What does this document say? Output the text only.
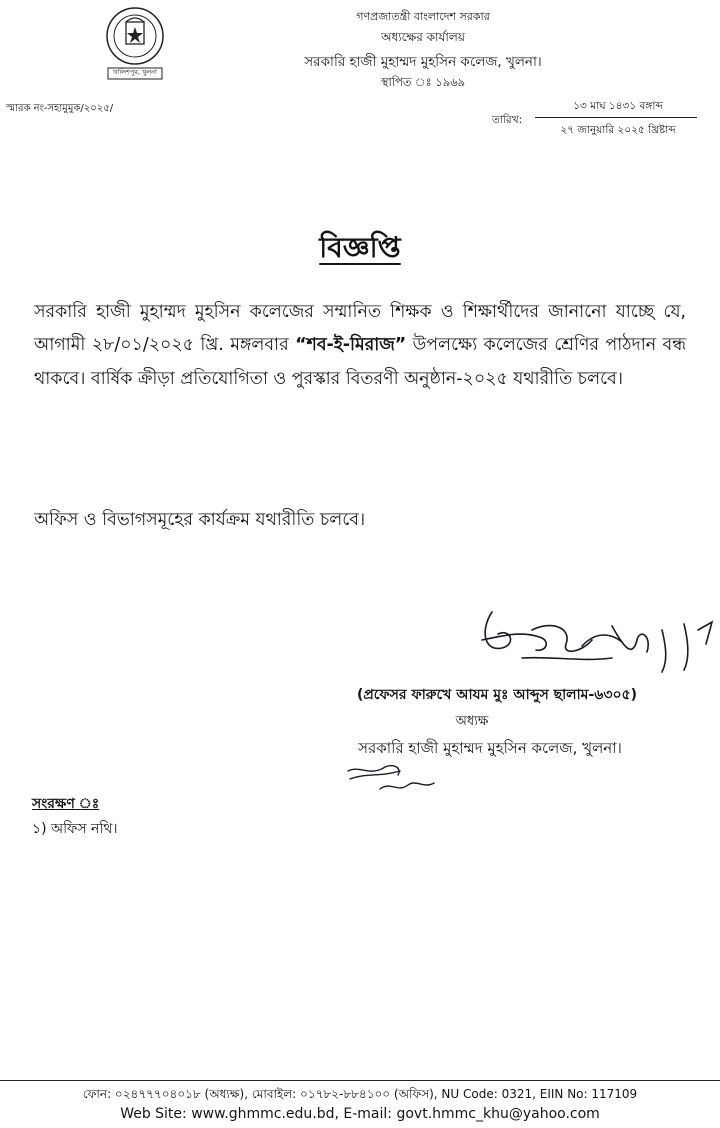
খালিশপুর, খুলনা
গণপ্রজাতন্ত্রী বাংলাদেশ সরকার
অধ্যক্ষের কার্যালয়
সরকারি হাজী মুহাম্মদ মুহসিন কলেজ, খুলনা।
স্থাপিত ঃ ১৯৬৯
স্মারক নং-সহামুমুক/২০২৫/
তারিখ:
১৩ মাঘ ১৪৩১ বঙ্গাব্দ
২৭ জানুয়ারি ২০২৫ খ্রিষ্টাব্দ
বিজ্ঞপ্তি
সরকারি হাজী মুহাম্মদ মুহসিন কলেজের সম্মানিত শিক্ষক ও শিক্ষার্থীদের জানানো যাচ্ছে যে, আগামী ২৮/০১/২০২৫ খ্রি. মঙ্গলবার “শব-ই-মিরাজ” উপলক্ষ্যে কলেজের শ্রেণির পাঠদান বন্ধ থাকবে। বার্ষিক ক্রীড়া প্রতিযোগিতা ও পুরস্কার বিতরণী অনুষ্ঠান-২০২৫ যথারীতি চলবে।
অফিস ও বিভাগসমূহের কার্যক্রম যথারীতি চলবে।
(প্রফেসর ফারুখে আযম মুঃ আব্দুস ছালাম-৬৩০৫)
অধ্যক্ষ
সরকারি হাজী মুহাম্মদ মুহসিন কলেজ, খুলনা।
সংরক্ষণ ঃ
১) অফিস নথি।
ফোন: ০২৪৭৭৭০৪০১৮ (অধ্যক্ষ), মোবাইল: ০১৭৮২-৮৮৪১০০ (অফিস), NU Code: 0321, EIIN No: 117109
Web Site: www.ghmmc.edu.bd, E-mail: govt.hmmc_khu@yahoo.com
